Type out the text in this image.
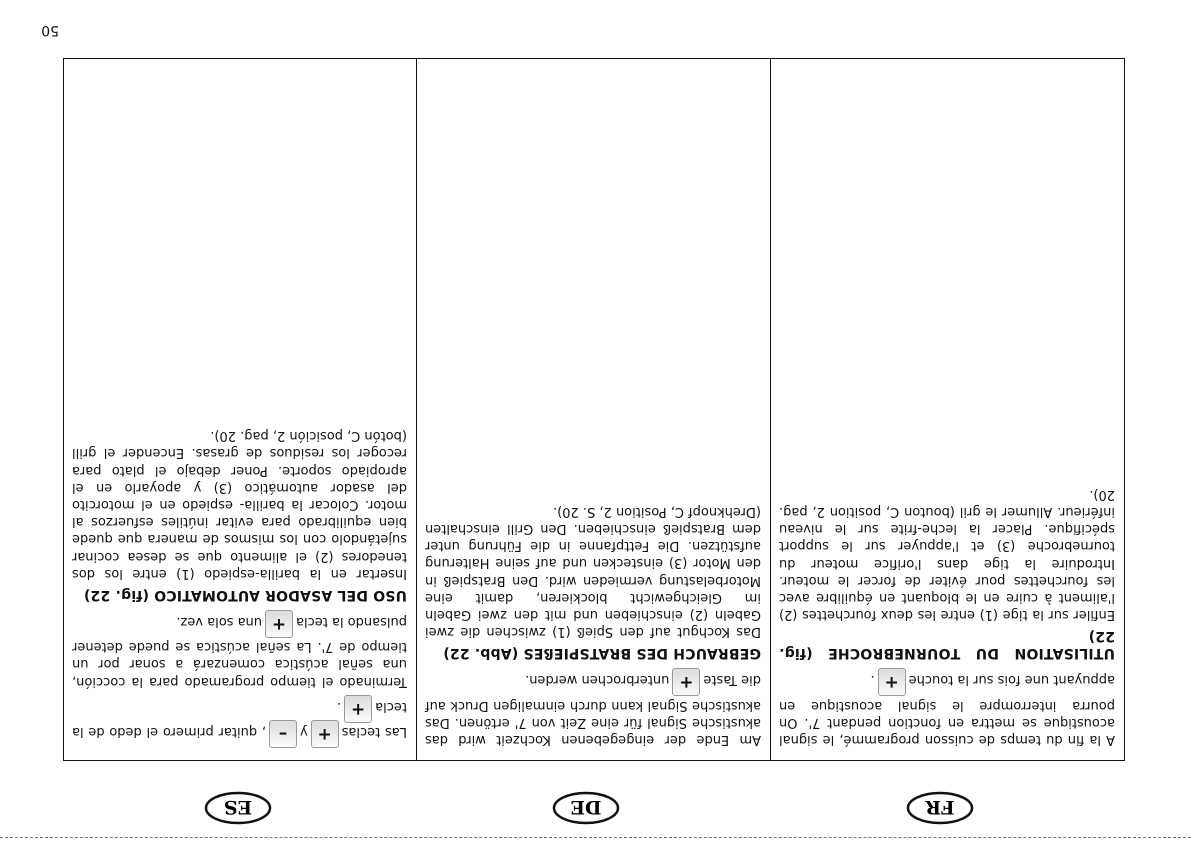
FR
DE
ES

A la fin du temps de cuisson programmé, le signal acoustique se mettra en fonction pendant 7'. On pourra interrompre le signal acoustique en appuyant une fois sur la touche
+
.

UTILISATION DU TOURNEBROCHE (fig. 22)

Enfiler sur la tige (1) entre les deux fourchettes (2) l'aliment à cuire en le bloquant en équilibre avec les fourchettes pour éviter de forcer le moteur. Introduire la tige dans l'orifice moteur du tournebroche (3) et l'appuyer sur le support spécifique. Placer la leche-frite sur le niveau inférieur. Allumer le gril (bouton C, position 2, pag. 20).

Am Ende der eingegebenen Kochzeit wird das akustische Signal für eine Zeit von 7' ertönen. Das akustische Signal kann durch einmaligen Druck auf die Taste
+
unterbrochen werden.

GEBRAUCH DES BRATSPIEßES (Abb. 22)

Das Kochgut auf den Spieß (1) zwischen die zwei Gabeln (2) einschieben und mit den zwei Gabeln im Gleichgewicht blockieren, damit eine Motorbelastung vermieden wird. Den Bratspieß in den Motor (3) einstecken und auf seine Halterung aufstützen. Die Fettpfanne in die Führung unter dem Bratspieß einschieben. Den Grill einschalten (Drehknopf C, Position 2, S. 20).

Las teclas
+
y
–
, quitar primero el dedo de la tecla
+
.

Terminado el tiempo programado para la cocción, una señal acústica comenzará a sonar por un tiempo de 7'. La señal acústica se puede detener pulsando la tecla
+
una sola vez.

USO DEL ASADOR AUTOMATICO (fig. 22)

Insertar en la barilla-espiedo (1) entre los dos tenedores (2) el alimento que se desea cocinar sujetándolo con los mismos de manera que quede bien equilibrado para evitar inútiles esfuerzos al motor. Colocar la barilla- espiedo en el motorcito del asador automático (3) y apoyarlo en el apropiado soporte. Poner debajo el plato para recoger los residuos de grasas. Encender el grill (botón C, posición 2, pag. 20).

50
